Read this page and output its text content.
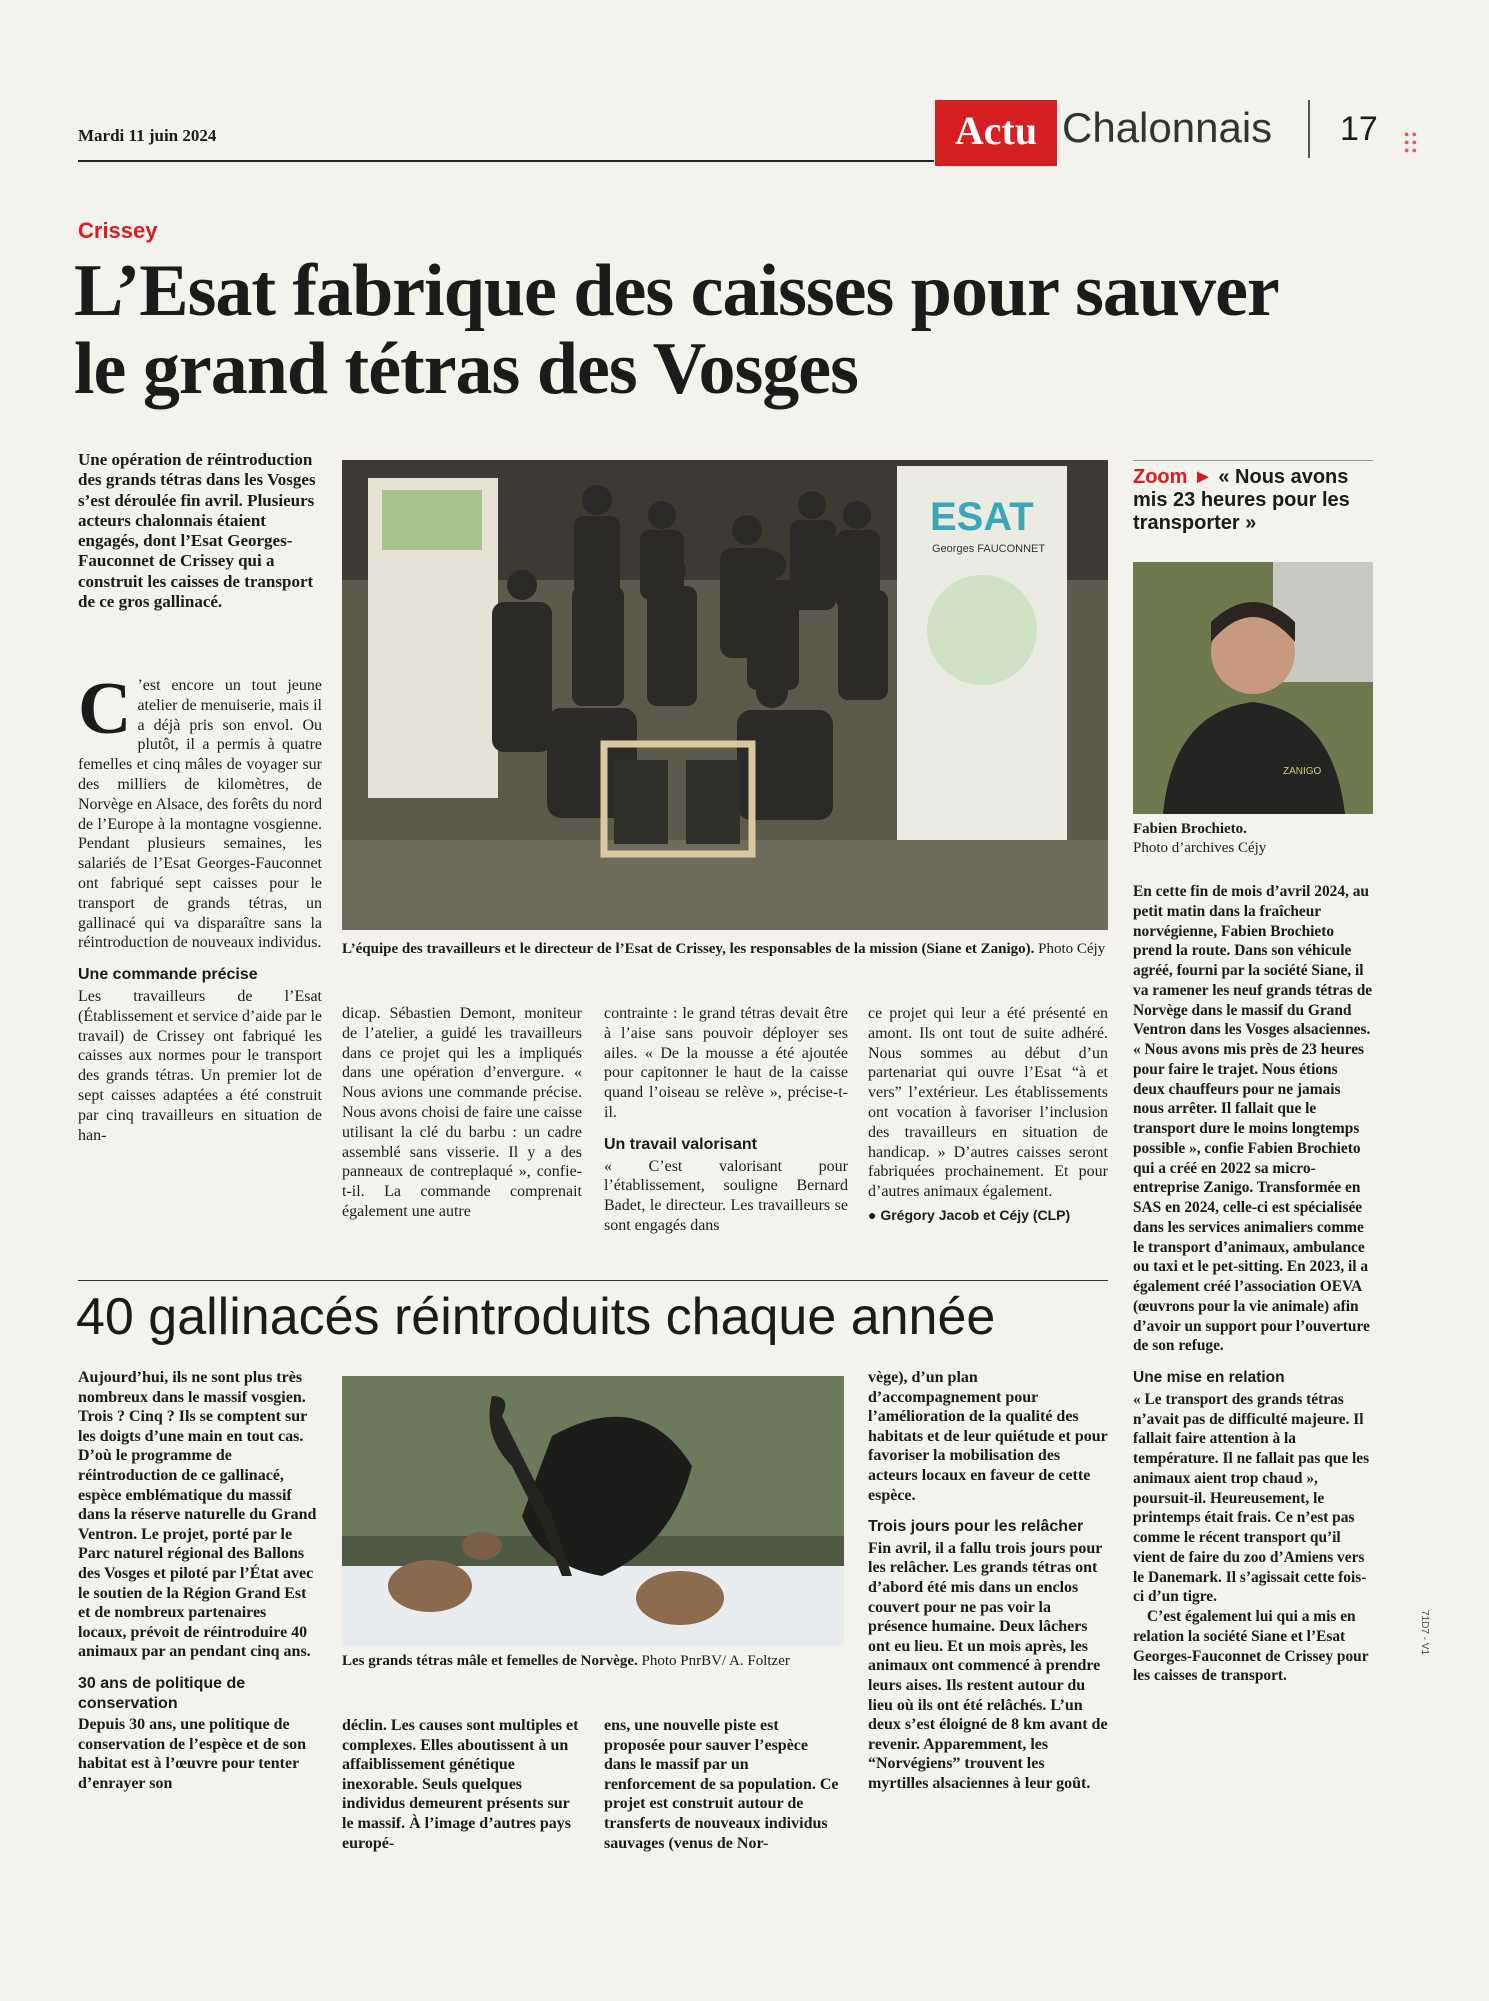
Mardi 11 juin 2024	Actu Chalonnais 17	● ●
● ●
● ●
Crissey
L’Esat fabrique des caisses pour sauver le grand tétras des Vosges
Une opération de réintroduction des grands tétras dans les Vosges s’est déroulée fin avril. Plusieurs acteurs chalonnais étaient engagés, dont l’Esat Georges-Fauconnet de Crissey qui a construit les caisses de transport de ce gros gallinacé.

C ’est encore un tout jeune atelier de menuiserie, mais il a déjà pris son envol. Ou plutôt, il a permis à quatre femelles et cinq mâles de voyager sur des milliers de kilomètres, de Norvège en Alsace, des forêts du nord de l’Europe à la montagne vosgienne. Pendant plusieurs semaines, les salariés de l’Esat Georges-Fauconnet ont fabriqué sept caisses pour le transport de grands tétras, un gallinacé qui va disparaître sans la réintroduction de nouveaux individus.

Une commande précise

Les travailleurs de l’Esat (Établissement et service d’aide par le travail) de Crissey ont fabriqué les caisses aux normes pour le transport des grands tétras. Un premier lot de sept caisses adaptées a été construit par cinq travailleurs en situation de han-

ESAT
Georges FAUCONNET
L’équipe des travailleurs et le directeur de l’Esat de Crissey, les responsables de la mission (Siane et Zanigo). Photo Céjy

dicap. Sébastien Demont, moniteur de l’atelier, a guidé les travailleurs dans ce projet qui les a impliqués dans une opération d’envergure. « Nous avions une commande précise. Nous avons choisi de faire une caisse utilisant la clé du barbu : un cadre assemblé sans visserie. Il y a des panneaux de contreplaqué », confie-t-il. La commande comprenait également une autre

contrainte : le grand tétras devait être à l’aise sans pouvoir déployer ses ailes. « De la mousse a été ajoutée pour capitonner le haut de la caisse quand l’oiseau se relève », précise-t-il.

Un travail valorisant

« C’est valorisant pour l’établissement, souligne Bernard Badet, le directeur. Les travailleurs se sont engagés dans

ce projet qui leur a été présenté en amont. Ils ont tout de suite adhéré. Nous sommes au début d’un partenariat qui ouvre l’Esat “à et vers” l’extérieur. Les établissements ont vocation à favoriser l’inclusion des travailleurs en situation de handicap. » D’autres caisses seront fabriquées prochainement. Et pour d’autres animaux également.

● Grégory Jacob et Céjy (CLP)

Zoom ► « Nous avons mis 23 heures pour les transporter »
ZANIGO
Fabien Brochieto.
Photo d’archives Céjy

En cette fin de mois d’avril 2024, au petit matin dans la fraîcheur norvégienne, Fabien Brochieto prend la route. Dans son véhicule agréé, fourni par la société Siane, il va ramener les neuf grands tétras de Norvège dans le massif du Grand Ventron dans les Vosges alsaciennes. « Nous avons mis près de 23 heures pour faire le trajet. Nous étions deux chauffeurs pour ne jamais nous arrêter. Il fallait que le transport dure le moins longtemps possible », confie Fabien Brochieto qui a créé en 2022 sa micro-entreprise Zanigo. Transformée en SAS en 2024, celle-ci est spécialisée dans les services animaliers comme le transport d’animaux, ambulance ou taxi et le pet-sitting. En 2023, il a également créé l’association OEVA (œuvrons pour la vie animale) afin d’avoir un support pour l’ouverture de son refuge.

Une mise en relation

« Le transport des grands tétras n’avait pas de difficulté majeure. Il fallait faire attention à la température. Il ne fallait pas que les animaux aient trop chaud », poursuit-il. Heureusement, le printemps était frais. Ce n’est pas comme le récent transport qu’il vient de faire du zoo d’Amiens vers le Danemark. Il s’agissait cette fois-ci d’un tigre.

C’est également lui qui a mis en relation la société Siane et l’Esat Georges-Fauconnet de Crissey pour les caisses de transport.

40 gallinacés réintroduits chaque année

Aujourd’hui, ils ne sont plus très nombreux dans le massif vosgien. Trois ? Cinq ? Ils se comptent sur les doigts d’une main en tout cas. D’où le programme de réintroduction de ce gallinacé, espèce emblématique du massif dans la réserve naturelle du Grand Ventron. Le projet, porté par le Parc naturel régional des Ballons des Vosges et piloté par l’État avec le soutien de la Région Grand Est et de nombreux partenaires locaux, prévoit de réintroduire 40 animaux par an pendant cinq ans.

30 ans de politique de conservation

Depuis 30 ans, une politique de conservation de l’espèce et de son habitat est à l’œuvre pour tenter d’enrayer son

Les grands tétras mâle et femelles de Norvège. Photo PnrBV/ A. Foltzer

déclin. Les causes sont multiples et complexes. Elles aboutissent à un affaiblissement génétique inexorable. Seuls quelques individus demeurent présents sur le massif. À l’image d’autres pays europé-

ens, une nouvelle piste est proposée pour sauver l’espèce dans le massif par un renforcement de sa population. Ce projet est construit autour de transferts de nouveaux individus sauvages (venus de Nor-

vège), d’un plan d’accompagnement pour l’amélioration de la qualité des habitats et de leur quiétude et pour favoriser la mobilisation des acteurs locaux en faveur de cette espèce.

Trois jours pour les relâcher

Fin avril, il a fallu trois jours pour les relâcher. Les grands tétras ont d’abord été mis dans un enclos couvert pour ne pas voir la présence humaine. Deux lâchers ont eu lieu. Et un mois après, les animaux ont commencé à prendre leurs aises. Ils restent autour du lieu où ils ont été relâchés. L’un deux s’est éloigné de 8 km avant de revenir. Apparemment, les “Norvégiens” trouvent les myrtilles alsaciennes à leur goût.

71D7 - V1
